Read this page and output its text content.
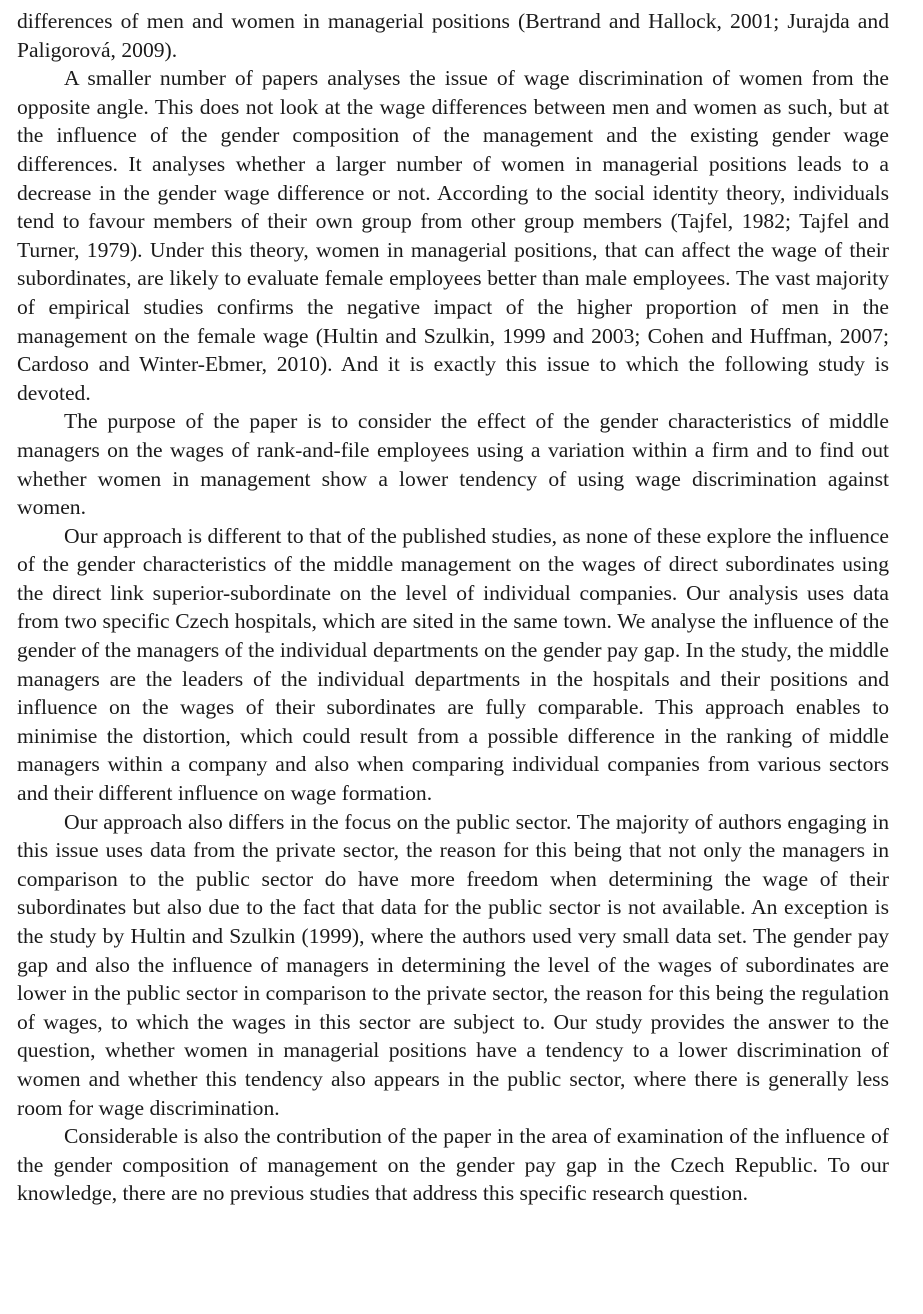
differences of men and women in managerial positions (Bertrand and Hallock, 2001; Jurajda and Paligorová, 2009).

A smaller number of papers analyses the issue of wage discrimination of women from the opposite angle. This does not look at the wage differences between men and women as such, but at the influence of the gender composition of the management and the existing gender wage differences. It analyses whether a larger number of women in managerial positions leads to a decrease in the gender wage difference or not. According to the social identity theory, individuals tend to favour members of their own group from other group members (Tajfel, 1982; Tajfel and Turner, 1979). Under this theory, women in managerial positions, that can affect the wage of their subordinates, are likely to evaluate female employees better than male employees. The vast majority of empirical studies confirms the negative impact of the higher proportion of men in the management on the female wage (Hultin and Szulkin, 1999 and 2003; Cohen and Huffman, 2007; Cardoso and Winter-Ebmer, 2010). And it is exactly this issue to which the following study is devoted.

The purpose of the paper is to consider the effect of the gender characteristics of middle managers on the wages of rank-and-file employees using a variation within a firm and to find out whether women in management show a lower tendency of using wage discrimination against women.

Our approach is different to that of the published studies, as none of these explore the influence of the gender characteristics of the middle management on the wages of direct subordinates using the direct link superior-subordinate on the level of individual companies. Our analysis uses data from two specific Czech hospitals, which are sited in the same town. We analyse the influence of the gender of the managers of the individual departments on the gender pay gap. In the study, the middle managers are the leaders of the individual departments in the hospitals and their positions and influence on the wages of their subordinates are fully comparable. This approach enables to minimise the distortion, which could result from a possible difference in the ranking of middle managers within a company and also when comparing individual companies from various sectors and their different influence on wage formation.

Our approach also differs in the focus on the public sector. The majority of authors engaging in this issue uses data from the private sector, the reason for this being that not only the managers in comparison to the public sector do have more freedom when determining the wage of their subordinates but also due to the fact that data for the public sector is not available. An exception is the study by Hultin and Szulkin (1999), where the authors used very small data set. The gender pay gap and also the influence of managers in determining the level of the wages of subordinates are lower in the public sector in comparison to the private sector, the reason for this being the regulation of wages, to which the wages in this sector are subject to. Our study provides the answer to the question, whether women in managerial positions have a tendency to a lower discrimination of women and whether this tendency also appears in the public sector, where there is generally less room for wage discrimination.

Considerable is also the contribution of the paper in the area of examination of the influence of the gender composition of management on the gender pay gap in the Czech Republic. To our knowledge, there are no previous studies that address this specific research question.
